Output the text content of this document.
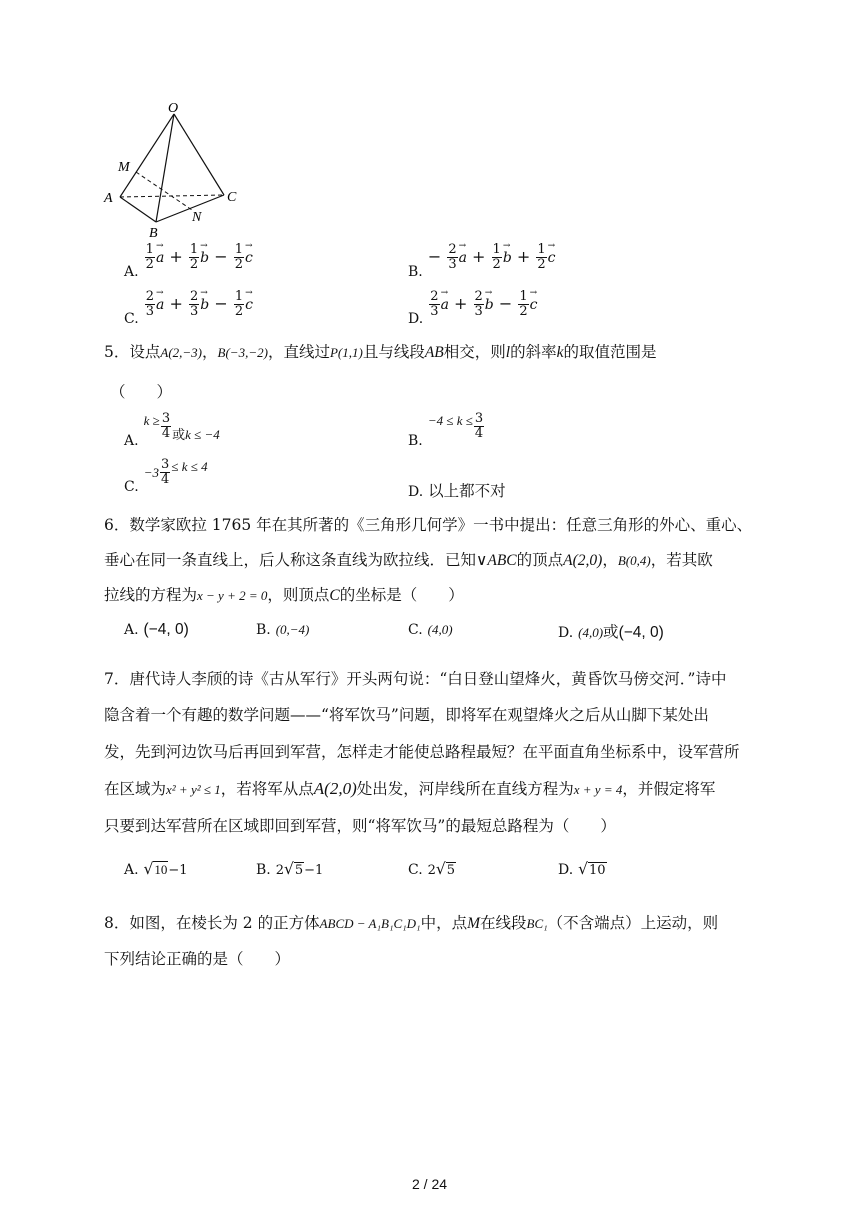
O
M
A	C
N
B
A. $\frac{1}{2}$
→ $a + \frac{1}{2}$
→ $b - \frac{1}{2}$
→ c
B. − $\frac{2}{3}$
→ $a + \frac{1}{2}$
→ $b + \frac{1}{2}$
→ c
C. $\frac{2}{3}$
→ $a + \frac{2}{3}$
→ $b - \frac{1}{2}$
→ c
D. $\frac{2}{3}$
→ $a + \frac{2}{3}$
→ $b - \frac{1}{2}$
→ c
5．设点A(2,−3)，B(−3,−2)，直线过P(1,1)且与线段AB相交，则l的斜率k的取值范围是
（　　）
A. $^{k \ge} \frac{3}{4} _{或k \le -4}$	B. $^{-4 \le k \le} \frac{3}{4}$
C. $-3 \frac{3}{4} ^{\le k \le 4}$
D. 以上都不对
6．数学家欧拉 1765 年在其所著的《三角形几何学》一书中提出：任意三角形的外心、重心、
垂心在同一条直线上，后人称这条直线为欧拉线．已知∨ABC的顶点A(2,0)，B(0,4)，若其欧
拉线的方程为x − y + 2 = 0，则顶点C的坐标是（　　）
A. (−4, 0)	B. (0,−4)	C. (4,0)	D. (4,0)或(−4, 0)
7．唐代诗人李颀的诗《古从军行》开头两句说：“白日登山望烽火，黄昏饮马傍交河．”诗中
隐含着一个有趣的数学问题——“将军饮马”问题，即将军在观望烽火之后从山脚下某处出
发，先到河边饮马后再回到军营，怎样走才能使总路程最短？在平面直角坐标系中，设军营所
在区域为x² + y² ≤ 1，若将军从点A(2,0)处出发，河岸线所在直线方程为x + y = 4，并假定将军
只要到达军营所在区域即回到军营，则“将军饮马”的最短总路程为（　　）
A. √10−1	B. 2√5−1	C. 2√5	D. √10
8．如图，在棱长为 2 的正方体ABCD − A₁B₁C₁D₁中，点M在线段BC₁（不含端点）上运动，则
下列结论正确的是（　　）
2 / 24
